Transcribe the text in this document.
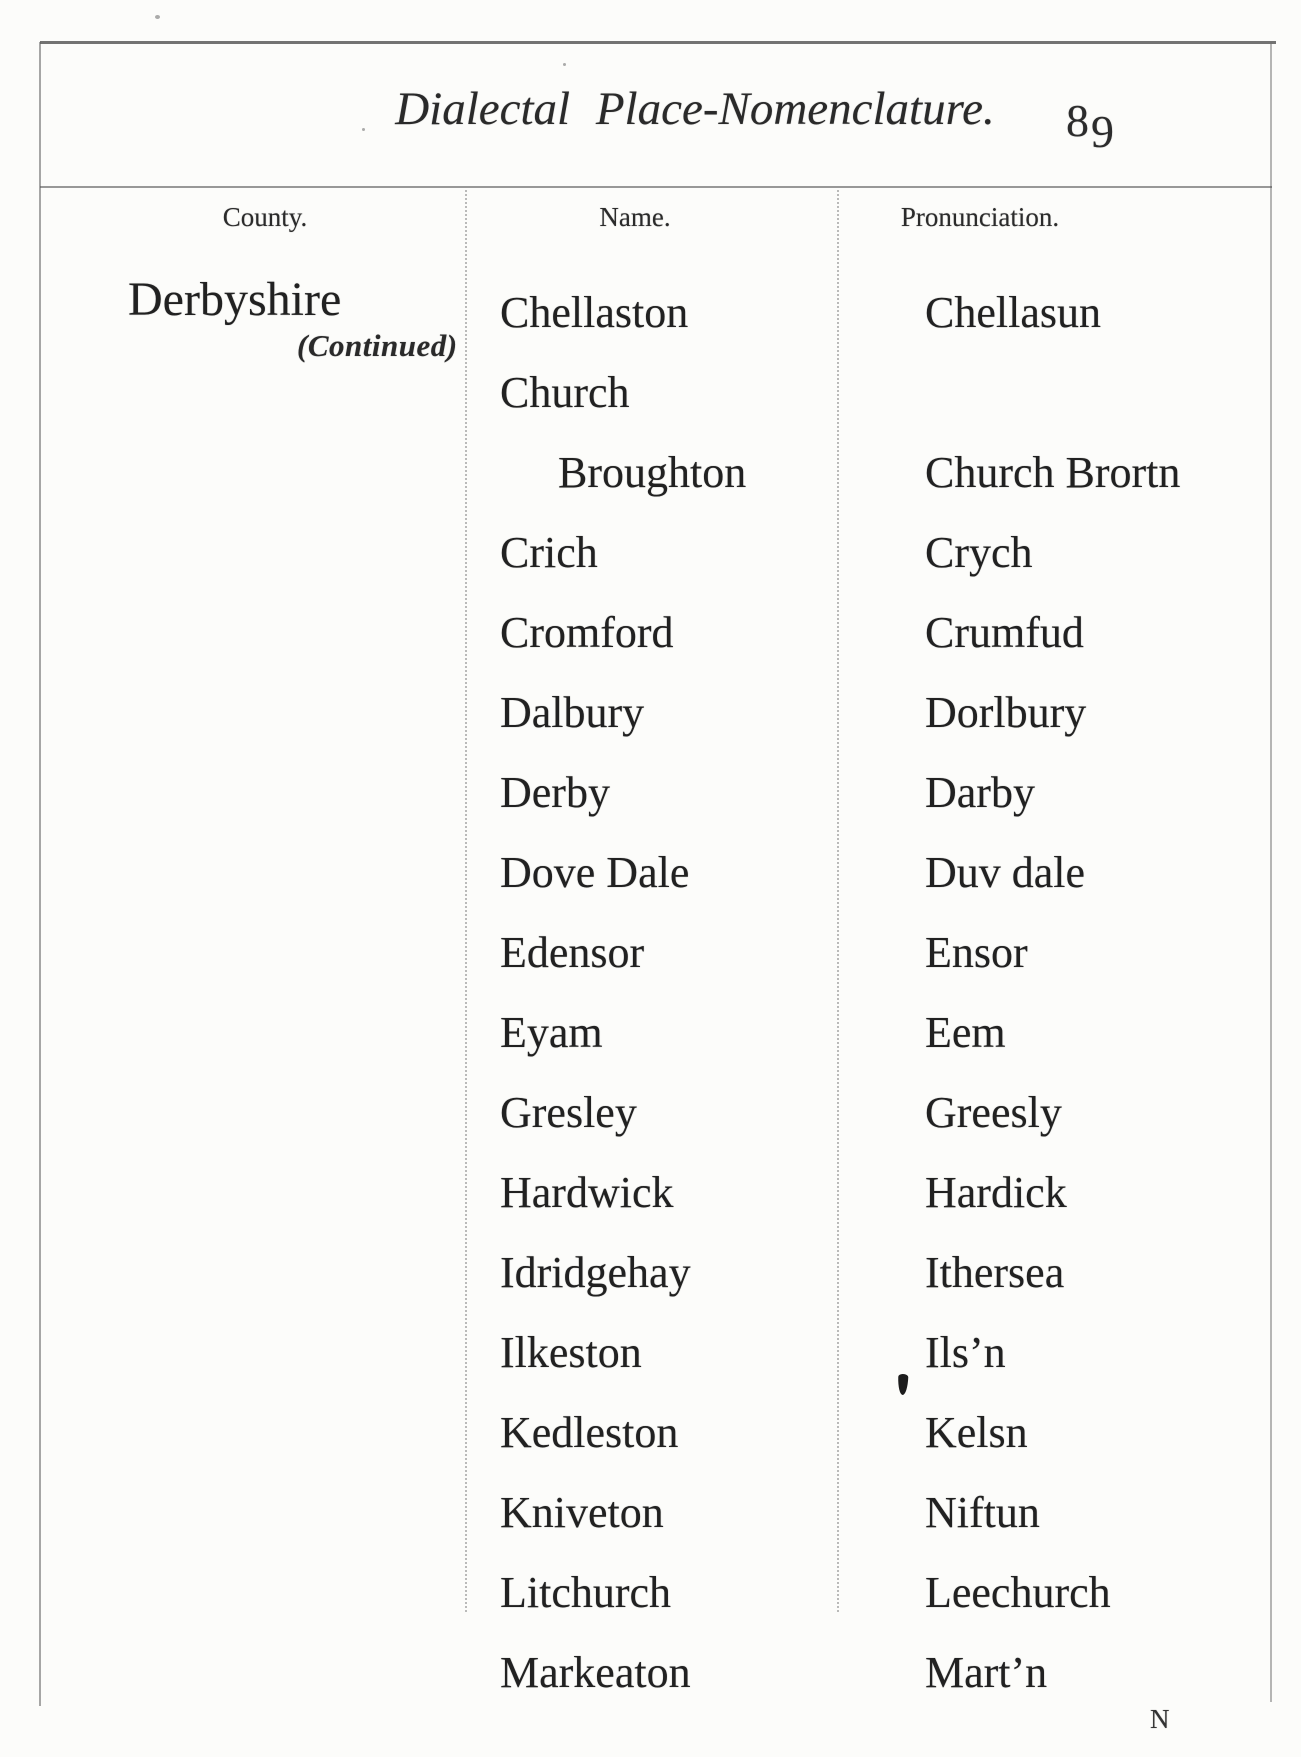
Dialectal Place-Nomenclature.	89
County.	Name.	Pronunciation.
Derbyshire
(Continued)
Chellaston	Chellasun
Church
Broughton	Church Brortn
Crich	Crych
Cromford	Crumfud
Dalbury	Dorlbury
Derby	Darby
Dove Dale	Duv dale
Edensor	Ensor
Eyam	Eem
Gresley	Greesly
Hardwick	Hardick
Idridgehay	Ithersea
Ilkeston	Ils’n
Kedleston	Kelsn
Kniveton	Niftun
Litchurch	Leechurch
Markeaton	Mart’n
N
